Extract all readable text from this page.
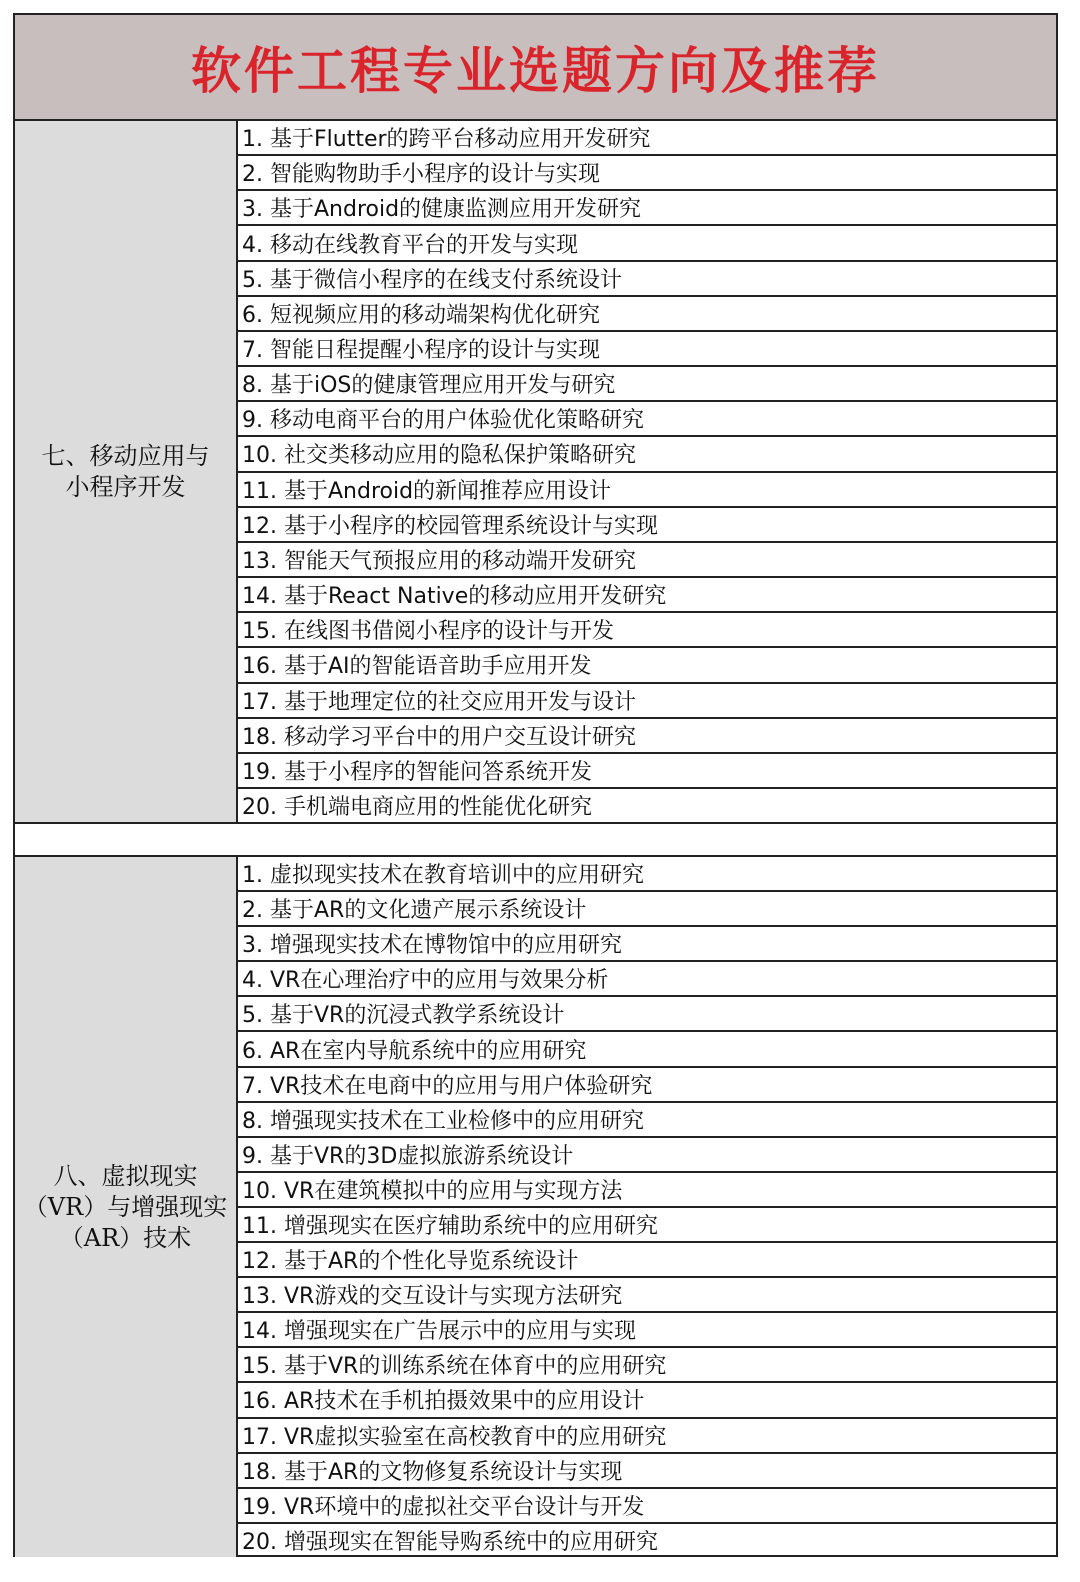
软件工程专业选题方向及推荐
七、移动应用与
小程序开发
1. 基于Flutter的跨平台移动应用开发研究
2. 智能购物助手小程序的设计与实现
3. 基于Android的健康监测应用开发研究
4. 移动在线教育平台的开发与实现
5. 基于微信小程序的在线支付系统设计
6. 短视频应用的移动端架构优化研究
7. 智能日程提醒小程序的设计与实现
8. 基于iOS的健康管理应用开发与研究
9. 移动电商平台的用户体验优化策略研究
10. 社交类移动应用的隐私保护策略研究
11. 基于Android的新闻推荐应用设计
12. 基于小程序的校园管理系统设计与实现
13. 智能天气预报应用的移动端开发研究
14. 基于React Native的移动应用开发研究
15. 在线图书借阅小程序的设计与开发
16. 基于AI的智能语音助手应用开发
17. 基于地理定位的社交应用开发与设计
18. 移动学习平台中的用户交互设计研究
19. 基于小程序的智能问答系统开发
20. 手机端电商应用的性能优化研究
八、虚拟现实
（VR）与增强现实
（AR）技术
1. 虚拟现实技术在教育培训中的应用研究
2. 基于AR的文化遗产展示系统设计
3. 增强现实技术在博物馆中的应用研究
4. VR在心理治疗中的应用与效果分析
5. 基于VR的沉浸式教学系统设计
6. AR在室内导航系统中的应用研究
7. VR技术在电商中的应用与用户体验研究
8. 增强现实技术在工业检修中的应用研究
9. 基于VR的3D虚拟旅游系统设计
10. VR在建筑模拟中的应用与实现方法
11. 增强现实在医疗辅助系统中的应用研究
12. 基于AR的个性化导览系统设计
13. VR游戏的交互设计与实现方法研究
14. 增强现实在广告展示中的应用与实现
15. 基于VR的训练系统在体育中的应用研究
16. AR技术在手机拍摄效果中的应用设计
17. VR虚拟实验室在高校教育中的应用研究
18. 基于AR的文物修复系统设计与实现
19. VR环境中的虚拟社交平台设计与开发
20. 增强现实在智能导购系统中的应用研究
